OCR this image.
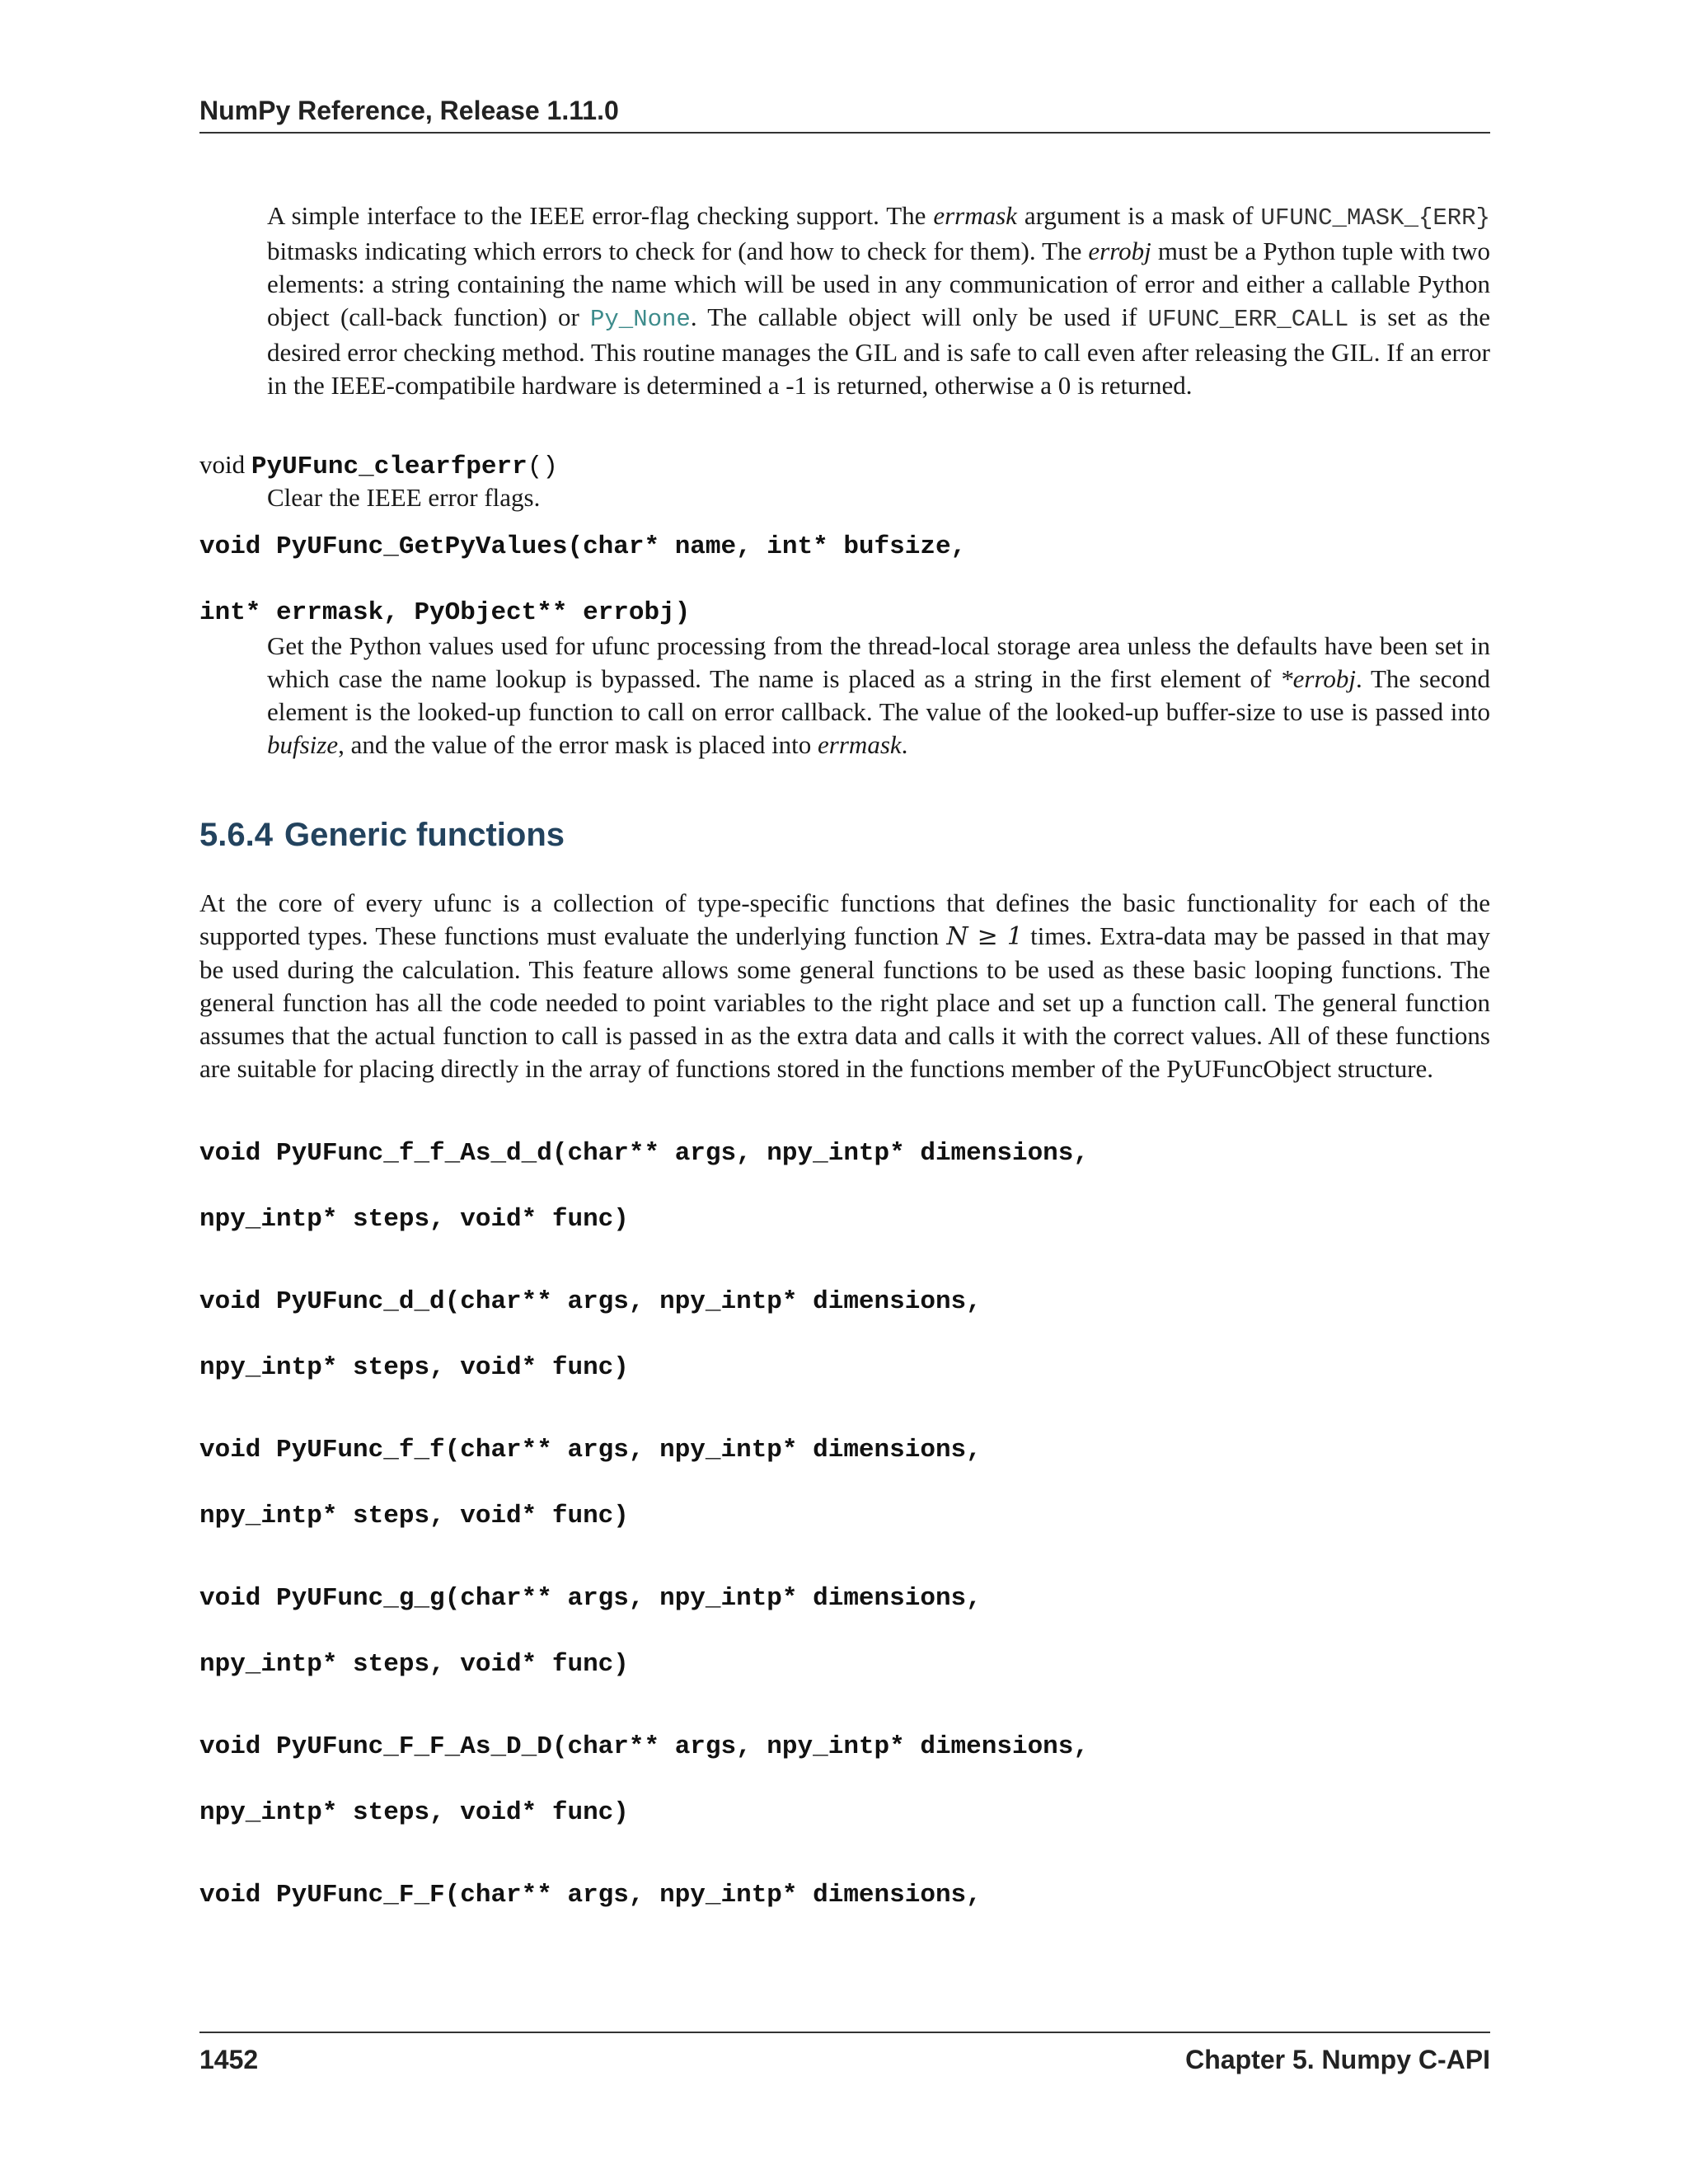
NumPy Reference, Release 1.11.0
A simple interface to the IEEE error-flag checking support. The errmask argument is a mask of UFUNC_MASK_{ERR} bitmasks indicating which errors to check for (and how to check for them). The errobj must be a Python tuple with two elements: a string containing the name which will be used in any communication of error and either a callable Python object (call-back function) or Py_None. The callable object will only be used if UFUNC_ERR_CALL is set as the desired error checking method. This routine manages the GIL and is safe to call even after releasing the GIL. If an error in the IEEE-compatibile hardware is determined a -1 is returned, otherwise a 0 is returned.
void PyUFunc_clearfperr()
Clear the IEEE error flags.
void PyUFunc_GetPyValues(char* name, int* bufsize,
int* errmask, PyObject** errobj)
Get the Python values used for ufunc processing from the thread-local storage area unless the defaults have been set in which case the name lookup is bypassed. The name is placed as a string in the first element of *errobj. The second element is the looked-up function to call on error callback. The value of the looked-up buffer-size to use is passed into bufsize, and the value of the error mask is placed into errmask.
5.6.4 Generic functions
At the core of every ufunc is a collection of type-specific functions that defines the basic functionality for each of the supported types. These functions must evaluate the underlying function N ≥ 1 times. Extra-data may be passed in that may be used during the calculation. This feature allows some general functions to be used as these basic looping functions. The general function has all the code needed to point variables to the right place and set up a function call. The general function assumes that the actual function to call is passed in as the extra data and calls it with the correct values. All of these functions are suitable for placing directly in the array of functions stored in the functions member of the PyUFuncObject structure.
void PyUFunc_f_f_As_d_d(char** args, npy_intp* dimensions,
npy_intp* steps, void* func)
void PyUFunc_d_d(char** args, npy_intp* dimensions,
npy_intp* steps, void* func)
void PyUFunc_f_f(char** args, npy_intp* dimensions,
npy_intp* steps, void* func)
void PyUFunc_g_g(char** args, npy_intp* dimensions,
npy_intp* steps, void* func)
void PyUFunc_F_F_As_D_D(char** args, npy_intp* dimensions,
npy_intp* steps, void* func)
void PyUFunc_F_F(char** args, npy_intp* dimensions,
1452	Chapter 5. Numpy C-API
